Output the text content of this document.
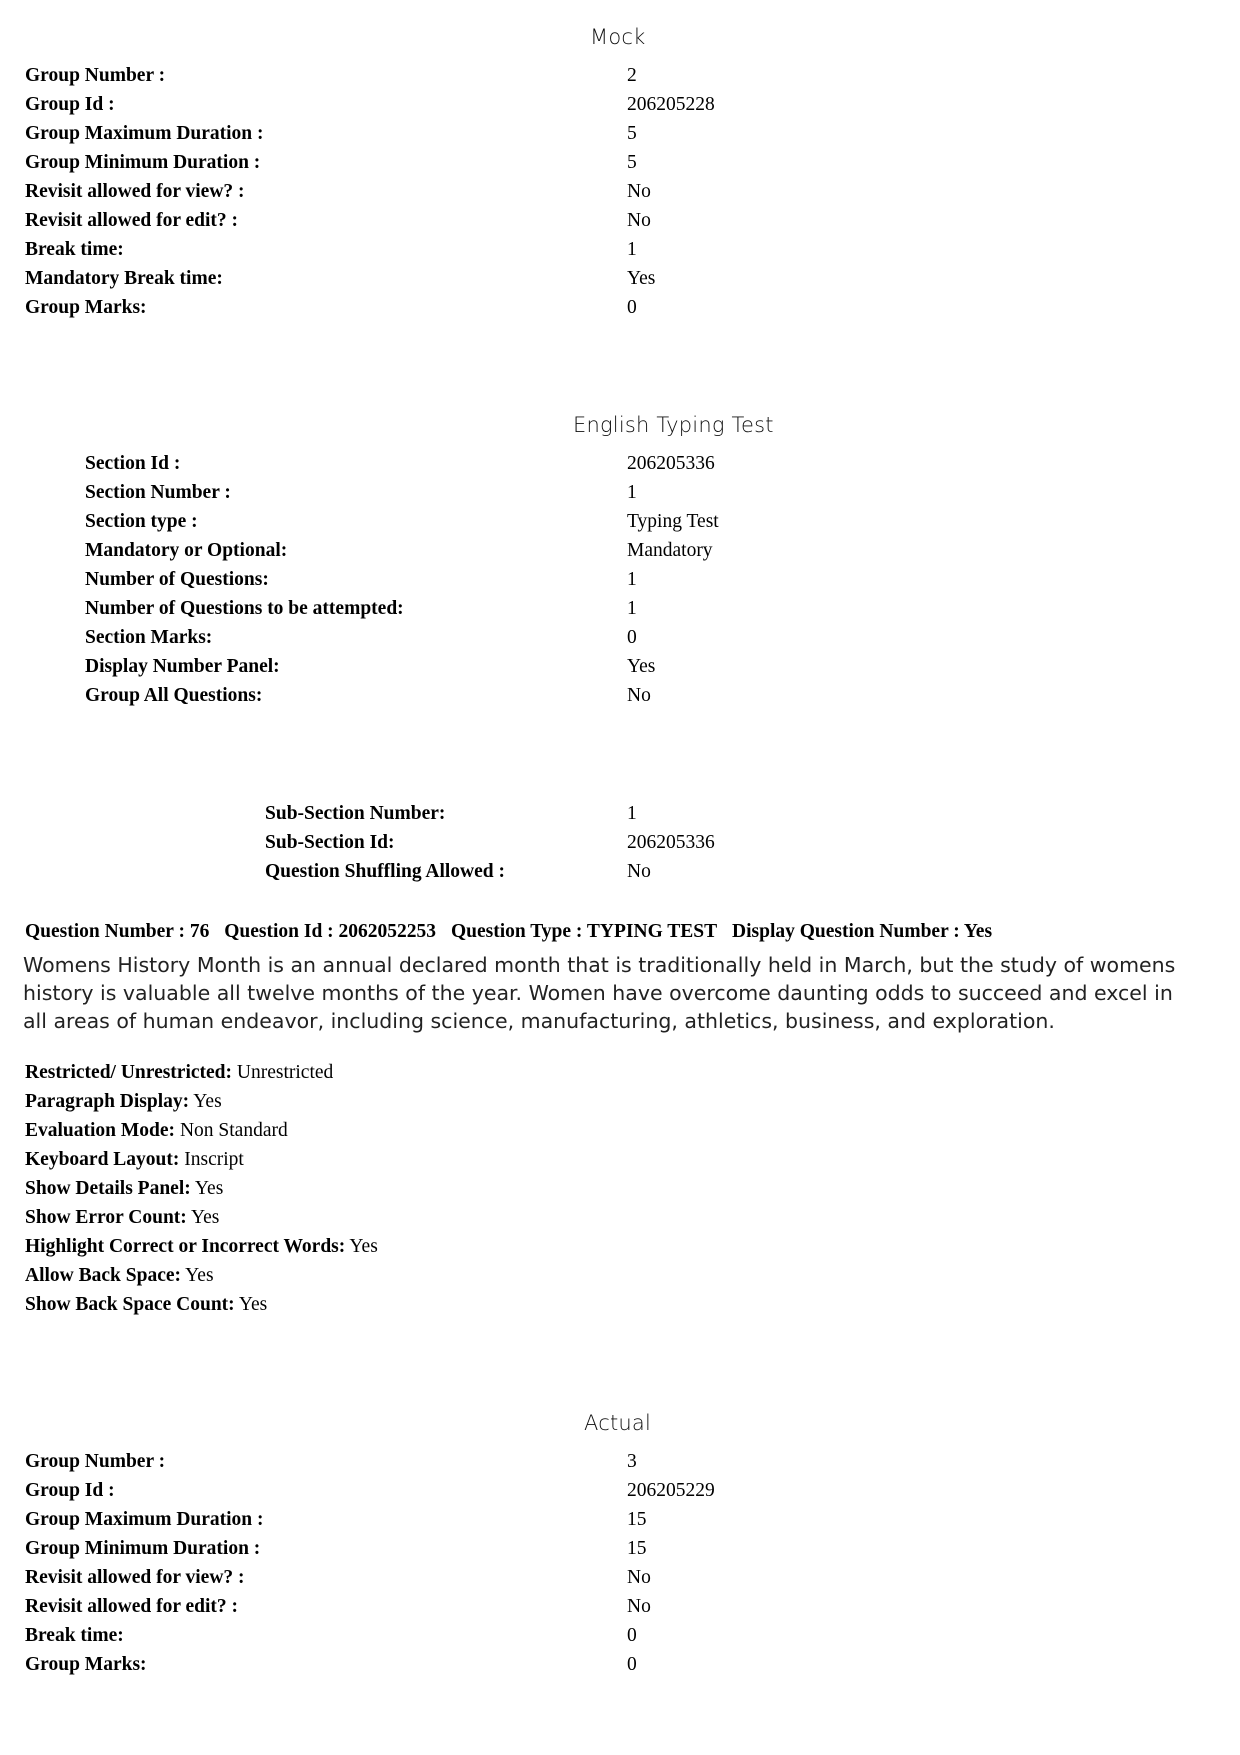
Mock
Group Number :	2
Group Id :	206205228
Group Maximum Duration :	5
Group Minimum Duration :	5
Revisit allowed for view? :	No
Revisit allowed for edit? :	No
Break time:	1
Mandatory Break time:	Yes
Group Marks:	0
English Typing Test
Section Id :	206205336
Section Number :	1
Section type :	Typing Test
Mandatory or Optional:	Mandatory
Number of Questions:	1
Number of Questions to be attempted:	1
Section Marks:	0
Display Number Panel:	Yes
Group All Questions:	No
Sub-Section Number:	1
Sub-Section Id:	206205336
Question Shuffling Allowed :	No
Question Number : 76 Question Id : 2062052253 Question Type : TYPING TEST Display Question Number : Yes
Womens History Month is an annual declared month that is traditionally held in March, but the study of womens history is valuable all twelve months of the year. Women have overcome daunting odds to succeed and excel in all areas of human endeavor, including science, manufacturing, athletics, business, and exploration.
Restricted/ Unrestricted: Unrestricted
Paragraph Display: Yes
Evaluation Mode: Non Standard
Keyboard Layout: Inscript
Show Details Panel: Yes
Show Error Count: Yes
Highlight Correct or Incorrect Words: Yes
Allow Back Space: Yes
Show Back Space Count: Yes
Actual
Group Number :	3
Group Id :	206205229
Group Maximum Duration :	15
Group Minimum Duration :	15
Revisit allowed for view? :	No
Revisit allowed for edit? :	No
Break time:	0
Group Marks:	0
